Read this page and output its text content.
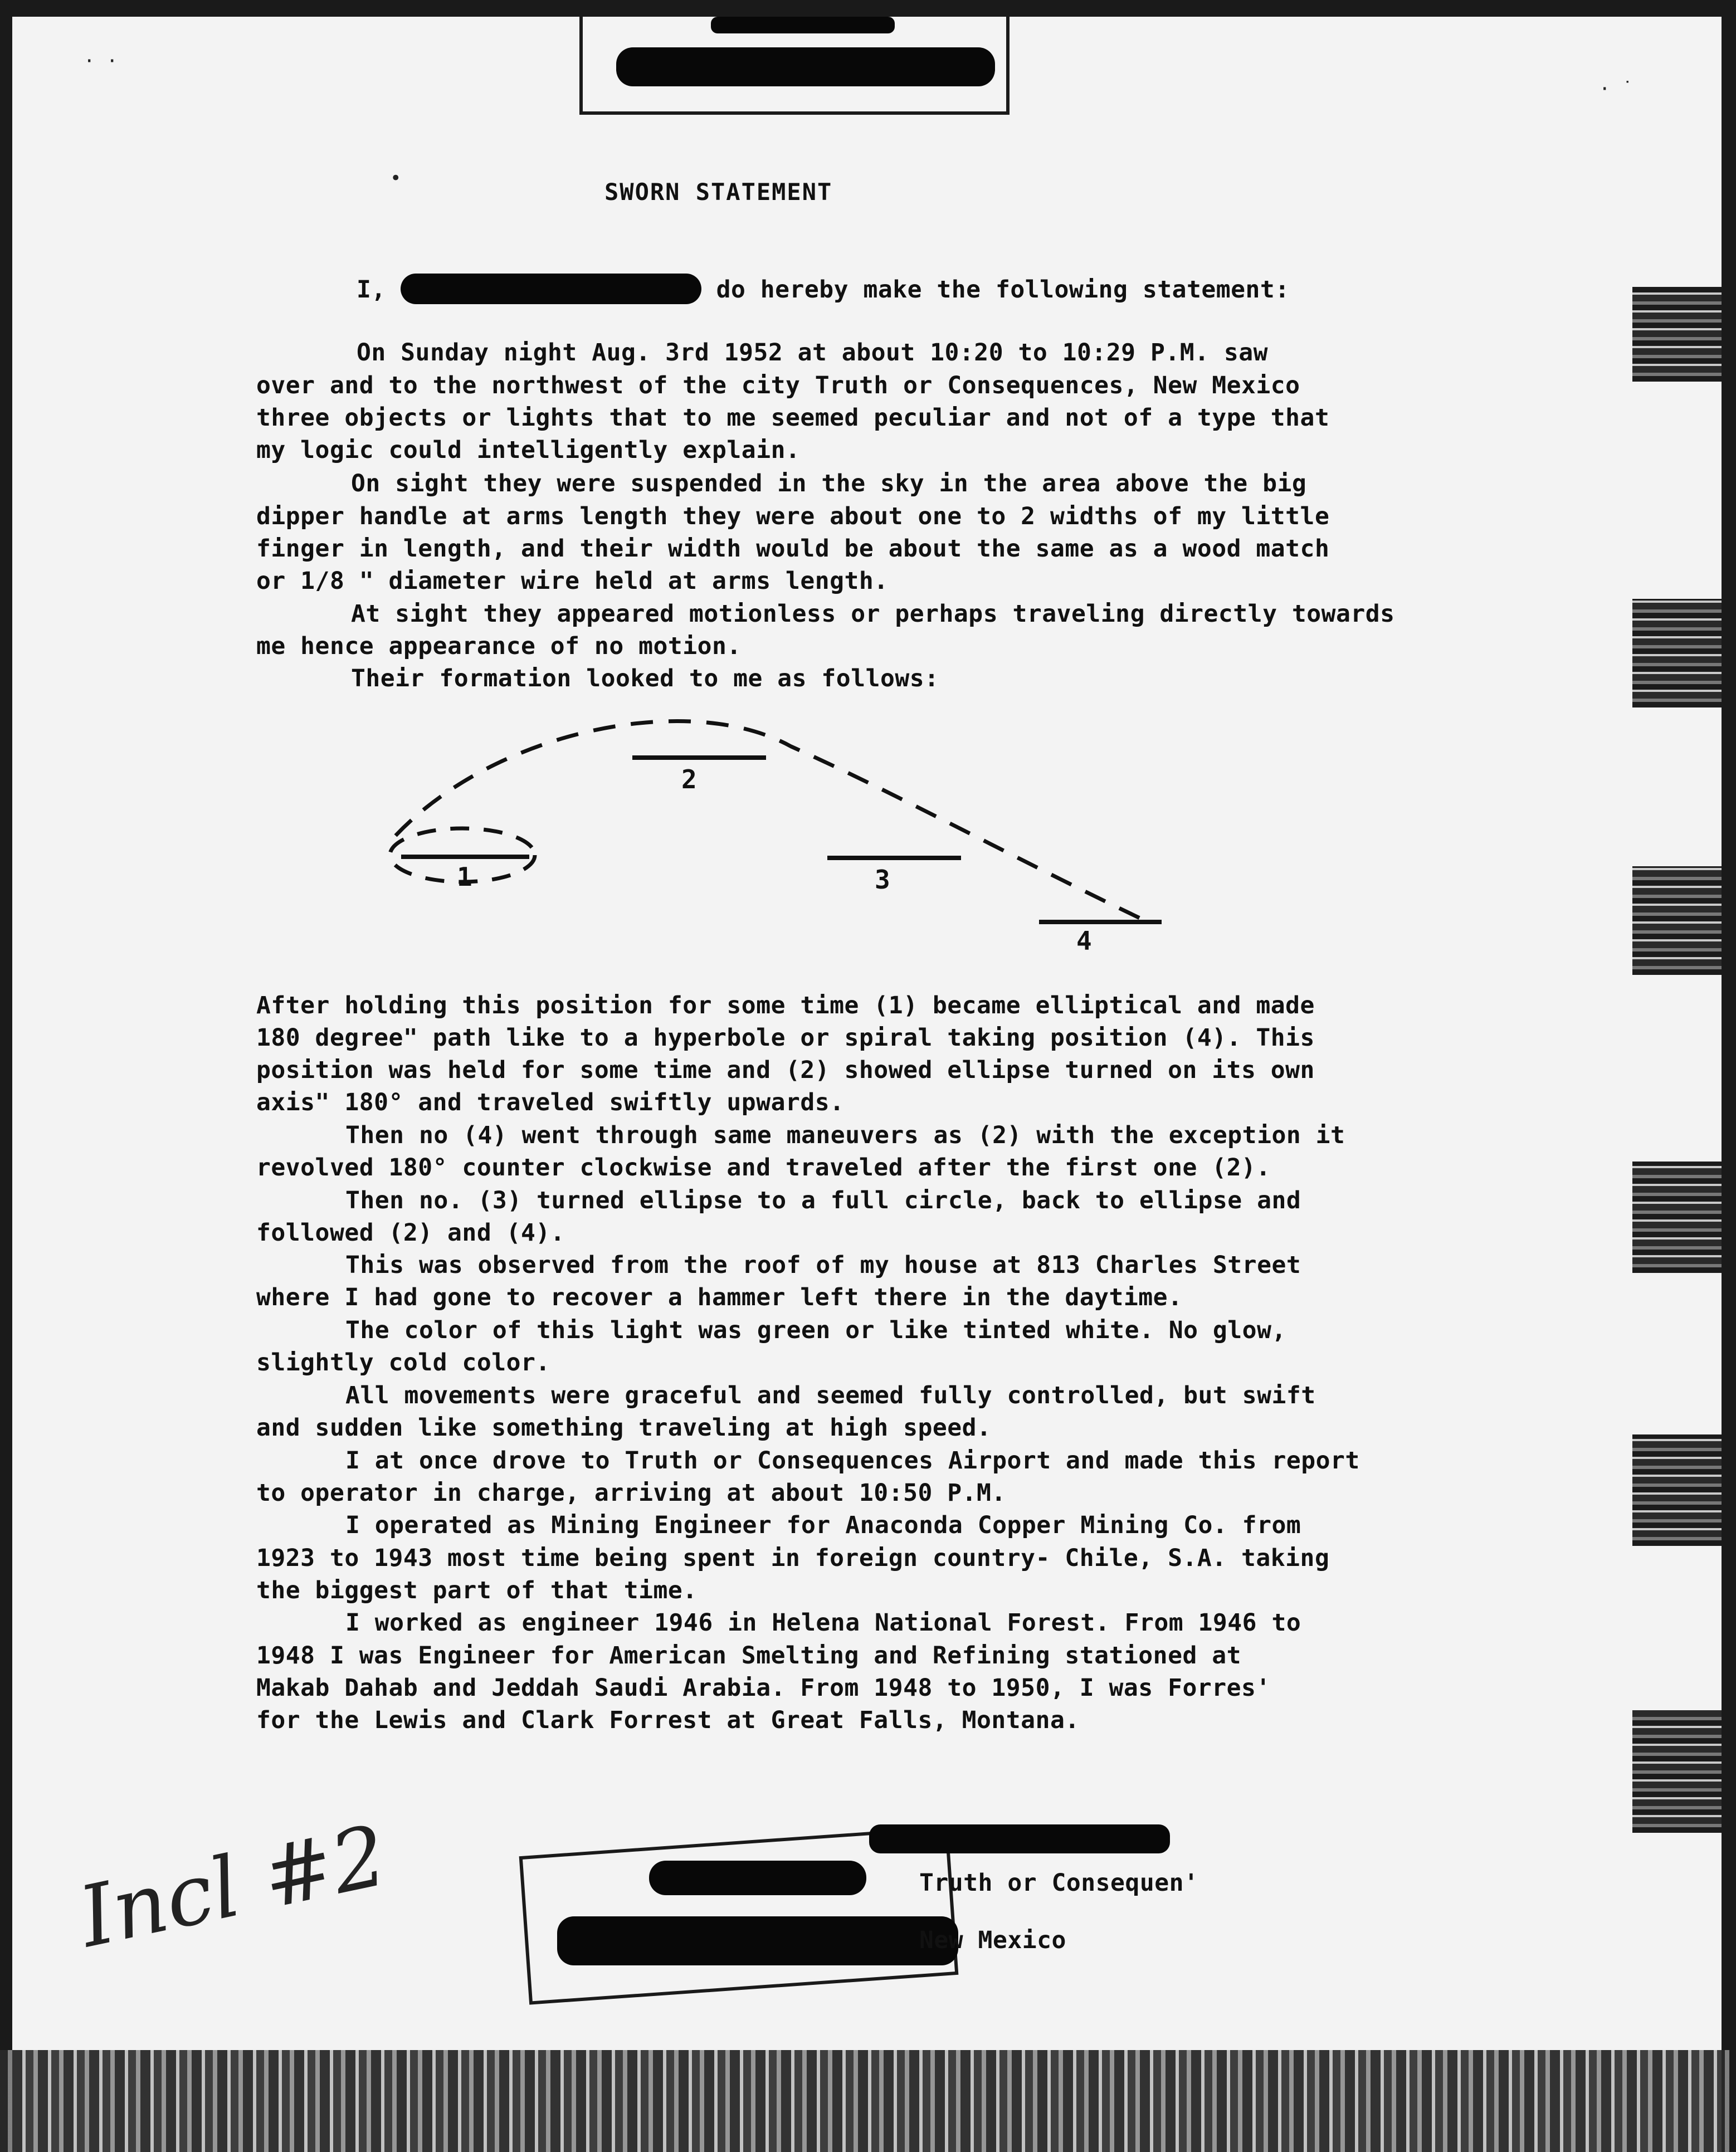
· ·
•
· ˙
SWORN STATEMENT
I,	do hereby make the following statement:
On Sunday night Aug. 3rd 1952 at about 10:20 to 10:29 P.M. saw
over and to the northwest of the city Truth or Consequences, New Mexico
three objects or lights that to me seemed peculiar and not of a type that
my logic could intelligently explain.
On sight they were suspended in the sky in the area above the big
dipper handle at arms length they were about one to 2 widths of my little
finger in length, and their width would be about the same as a wood match
or 1/8 " diameter wire held at arms length.
At sight they appeared motionless or perhaps traveling directly towards
me hence appearance of no motion.
Their formation looked to me as follows:
1
2
3
4
After holding this position for some time (1) became elliptical and made
180 degree" path like to a hyperbole or spiral taking position (4). This
position was held for some time and (2) showed ellipse turned on its own
axis" 180° and traveled swiftly upwards.
Then no (4) went through same maneuvers as (2) with the exception it
revolved 180° counter clockwise and traveled after the first one (2).
Then no. (3) turned ellipse to a full circle, back to ellipse and
followed (2) and (4).
This was observed from the roof of my house at 813 Charles Street
where I had gone to recover a hammer left there in the daytime.
The color of this light was green or like tinted white. No glow,
slightly cold color.
All movements were graceful and seemed fully controlled, but swift
and sudden like something traveling at high speed.
I at once drove to Truth or Consequences Airport and made this report
to operator in charge, arriving at about 10:50 P.M.
I operated as Mining Engineer for Anaconda Copper Mining Co. from
1923 to 1943 most time being spent in foreign country- Chile, S.A. taking
the biggest part of that time.
I worked as engineer 1946 in Helena National Forest. From 1946 to
1948 I was Engineer for American Smelting and Refining stationed at
Makab Dahab and Jeddah Saudi Arabia. From 1948 to 1950, I was Forres'
for the Lewis and Clark Forrest at Great Falls, Montana.
Incl #2	Truth or Consequen'
New Mexico
